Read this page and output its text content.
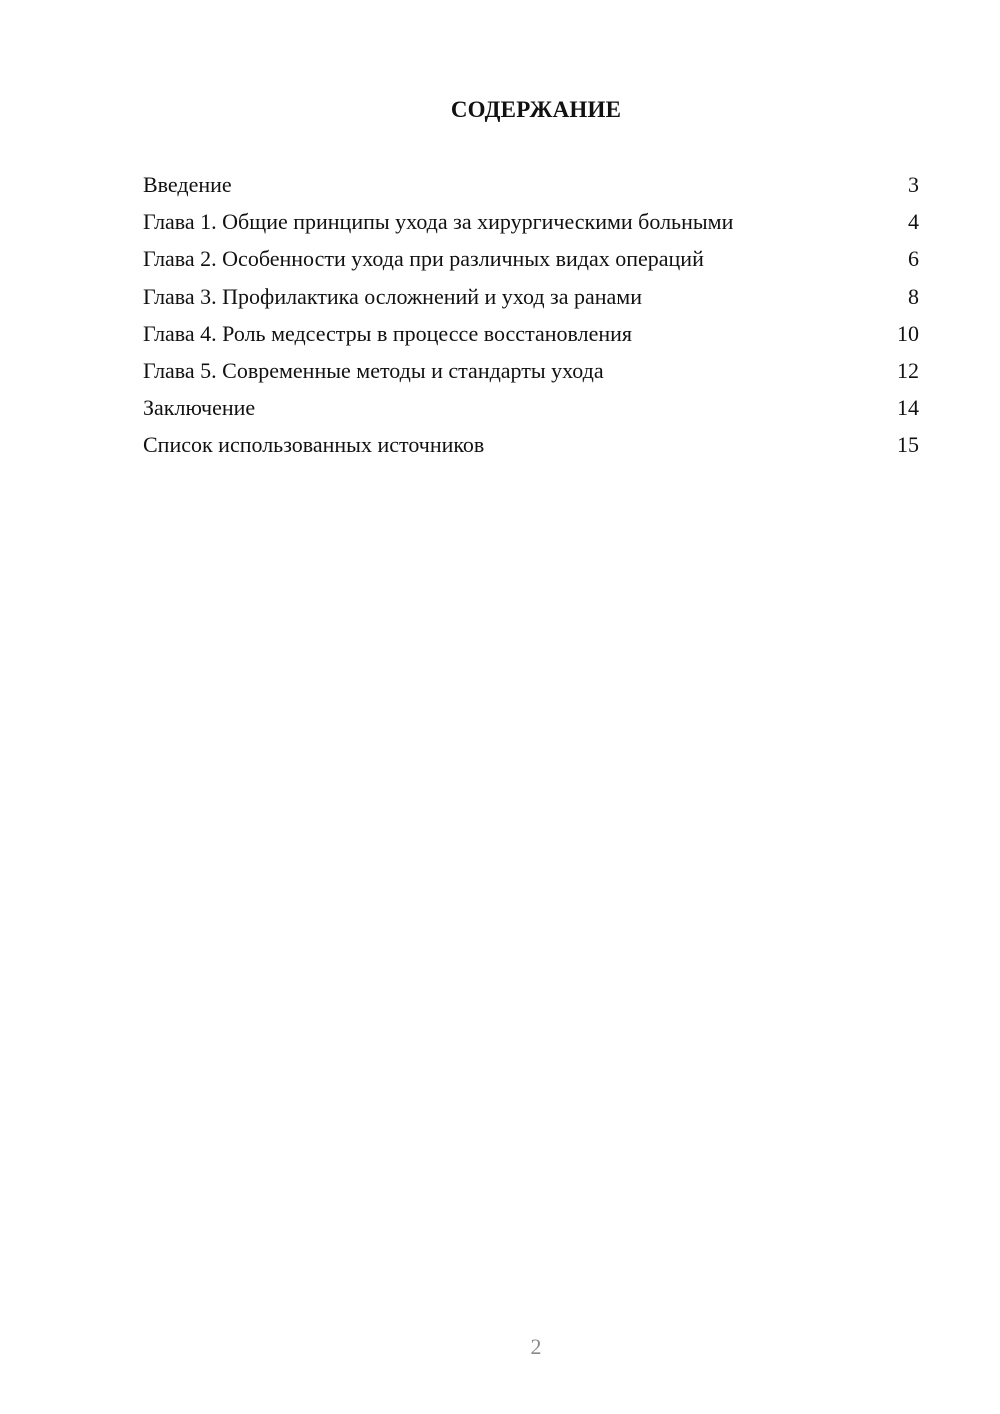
СОДЕРЖАНИЕ
Введение	3
Глава 1. Общие принципы ухода за хирургическими больными	4
Глава 2. Особенности ухода при различных видах операций	6
Глава 3. Профилактика осложнений и уход за ранами	8
Глава 4. Роль медсестры в процессе восстановления	10
Глава 5. Современные методы и стандарты ухода	12
Заключение	14
Список использованных источников	15
2
